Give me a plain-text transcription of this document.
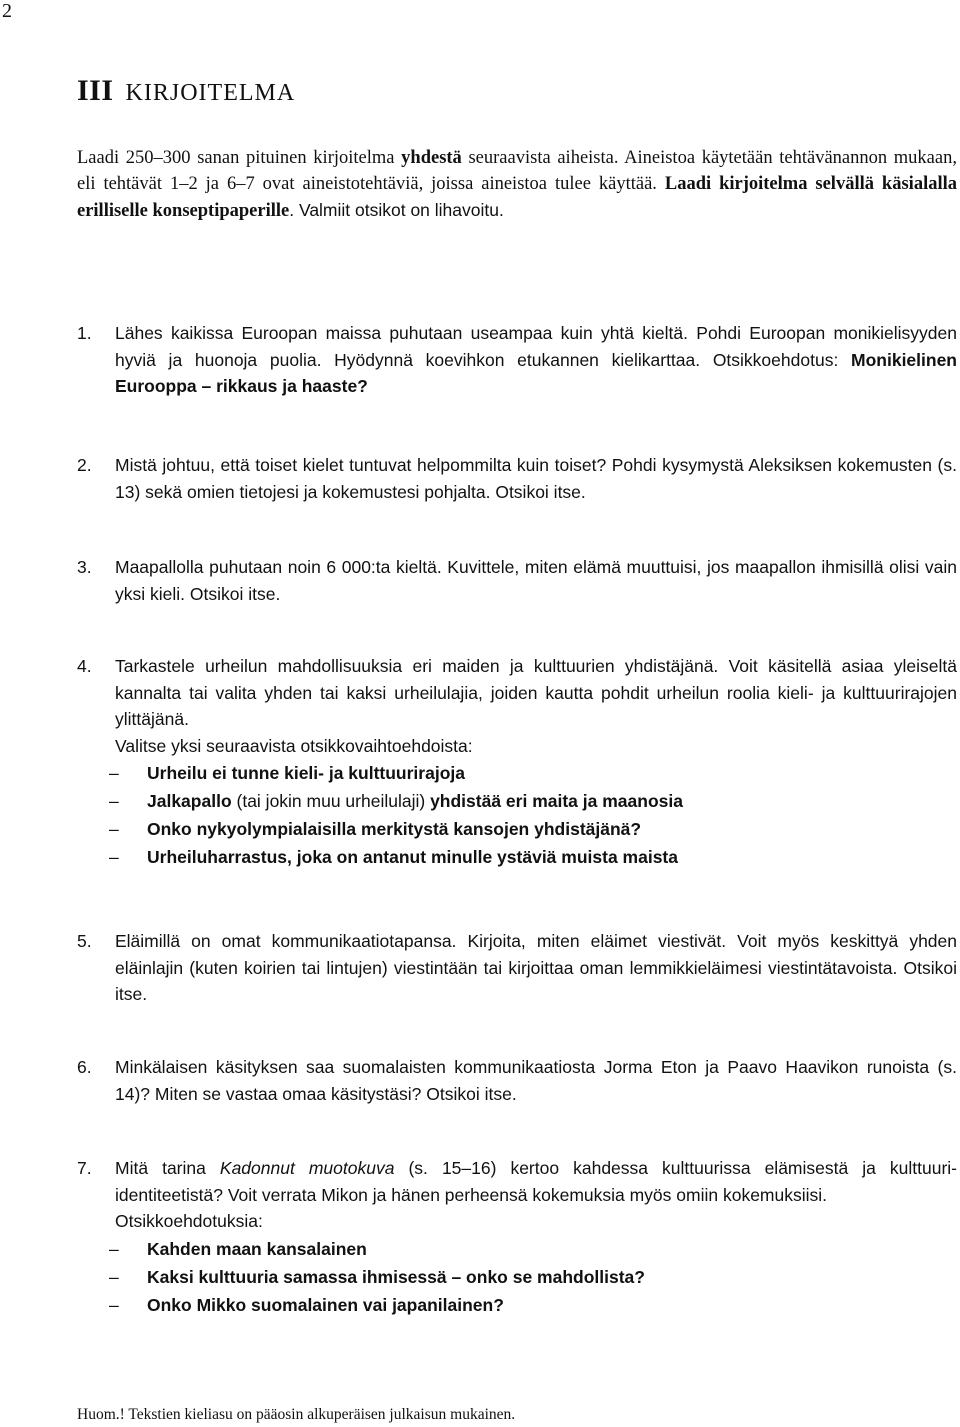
2
III KIRJOITELMA
Laadi 250–300 sanan pituinen kirjoitelma yhdestä seuraavista aiheista. Aineistoa käytetään tehtävänannon mukaan, eli tehtävät 1–2 ja 6–7 ovat aineistotehtäviä, joissa aineistoa tulee käyttää. Laadi kirjoitelma selvällä käsialalla erilliselle konseptipaperille. Valmiit otsikot on lihavoitu.
1. Lähes kaikissa Euroopan maissa puhutaan useampaa kuin yhtä kieltä. Pohdi Euroopan monikielisyyden hyviä ja huonoja puolia. Hyödynnä koevihkon etukannen kielikarttaa. Otsikkoehdotus: Monikielinen Eurooppa – rikkaus ja haaste?
2. Mistä johtuu, että toiset kielet tuntuvat helpommilta kuin toiset? Pohdi kysymystä Aleksiksen kokemusten (s. 13) sekä omien tietojesi ja kokemustesi pohjalta. Otsikoi itse.
3. Maapallolla puhutaan noin 6 000:ta kieltä. Kuvittele, miten elämä muuttuisi, jos maapallon ihmisillä olisi vain yksi kieli. Otsikoi itse.
4. Tarkastele urheilun mahdollisuuksia eri maiden ja kulttuurien yhdistäjänä. Voit käsitellä asiaa yleiseltä kannalta tai valita yhden tai kaksi urheilulajia, joiden kautta pohdit urheilun roolia kieli- ja kulttuurirajojen ylittäjänä.
Valitse yksi seuraavista otsikkovaihtoehdoista:
– Urheilu ei tunne kieli- ja kulttuurirajoja
– Jalkapallo (tai jokin muu urheilulaji) yhdistää eri maita ja maanosia
– Onko nykyolympialaisilla merkitystä kansojen yhdistäjänä?
– Urheiluharrastus, joka on antanut minulle ystäviä muista maista
5. Eläimillä on omat kommunikaatiotapansa. Kirjoita, miten eläimet viestivät. Voit myös keskittyä yhden eläinlajin (kuten koirien tai lintujen) viestintään tai kirjoittaa oman lemmikkieläimesi viestintätavoista. Otsikoi itse.
6. Minkälaisen käsityksen saa suomalaisten kommunikaatiosta Jorma Eton ja Paavo Haavikon runoista (s. 14)? Miten se vastaa omaa käsitystäsi? Otsikoi itse.
7. Mitä tarina Kadonnut muotokuva (s. 15–16) kertoo kahdessa kulttuurissa elämisestä ja kulttuuri-identiteetistä? Voit verrata Mikon ja hänen perheensä kokemuksia myös omiin kokemuksiisi.
Otsikkoehdotuksia:
– Kahden maan kansalainen
– Kaksi kulttuuria samassa ihmisessä – onko se mahdollista?
– Onko Mikko suomalainen vai japanilainen?
Huom.! Tekstien kieliasu on pääosin alkuperäisen julkaisun mukainen.
